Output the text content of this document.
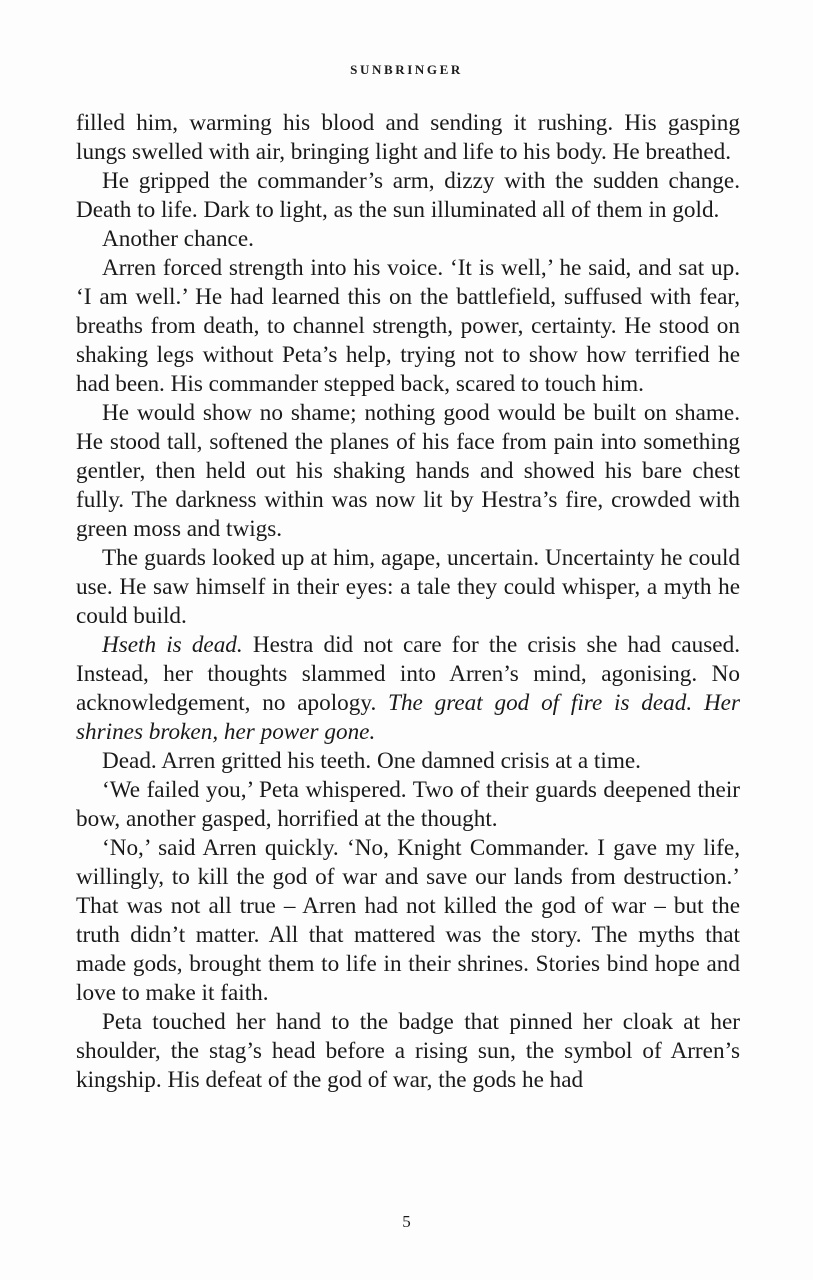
SUNBRINGER

filled him, warming his blood and sending it rushing. His gasping lungs swelled with air, bringing light and life to his body. He breathed.

He gripped the commander’s arm, dizzy with the sudden change. Death to life. Dark to light, as the sun illuminated all of them in gold.

Another chance.

Arren forced strength into his voice. ‘It is well,’ he said, and sat up. ‘I am well.’ He had learned this on the battlefield, suffused with fear, breaths from death, to channel strength, power, certainty. He stood on shaking legs without Peta’s help, trying not to show how terrified he had been. His commander stepped back, scared to touch him.

He would show no shame; nothing good would be built on shame. He stood tall, softened the planes of his face from pain into something gentler, then held out his shaking hands and showed his bare chest fully. The darkness within was now lit by Hestra’s fire, crowded with green moss and twigs.

The guards looked up at him, agape, uncertain. Uncertainty he could use. He saw himself in their eyes: a tale they could whisper, a myth he could build.

Hseth is dead. Hestra did not care for the crisis she had caused. Instead, her thoughts slammed into Arren’s mind, agonising. No acknowledgement, no apology. The great god of fire is dead. Her shrines broken, her power gone.

Dead. Arren gritted his teeth. One damned crisis at a time.

‘We failed you,’ Peta whispered. Two of their guards deepened their bow, another gasped, horrified at the thought.

‘No,’ said Arren quickly. ‘No, Knight Commander. I gave my life, willingly, to kill the god of war and save our lands from destruction.’ That was not all true – Arren had not killed the god of war – but the truth didn’t matter. All that mattered was the story. The myths that made gods, brought them to life in their shrines. Stories bind hope and love to make it faith.

Peta touched her hand to the badge that pinned her cloak at her shoulder, the stag’s head before a rising sun, the symbol of Arren’s kingship. His defeat of the god of war, the gods he had

5
